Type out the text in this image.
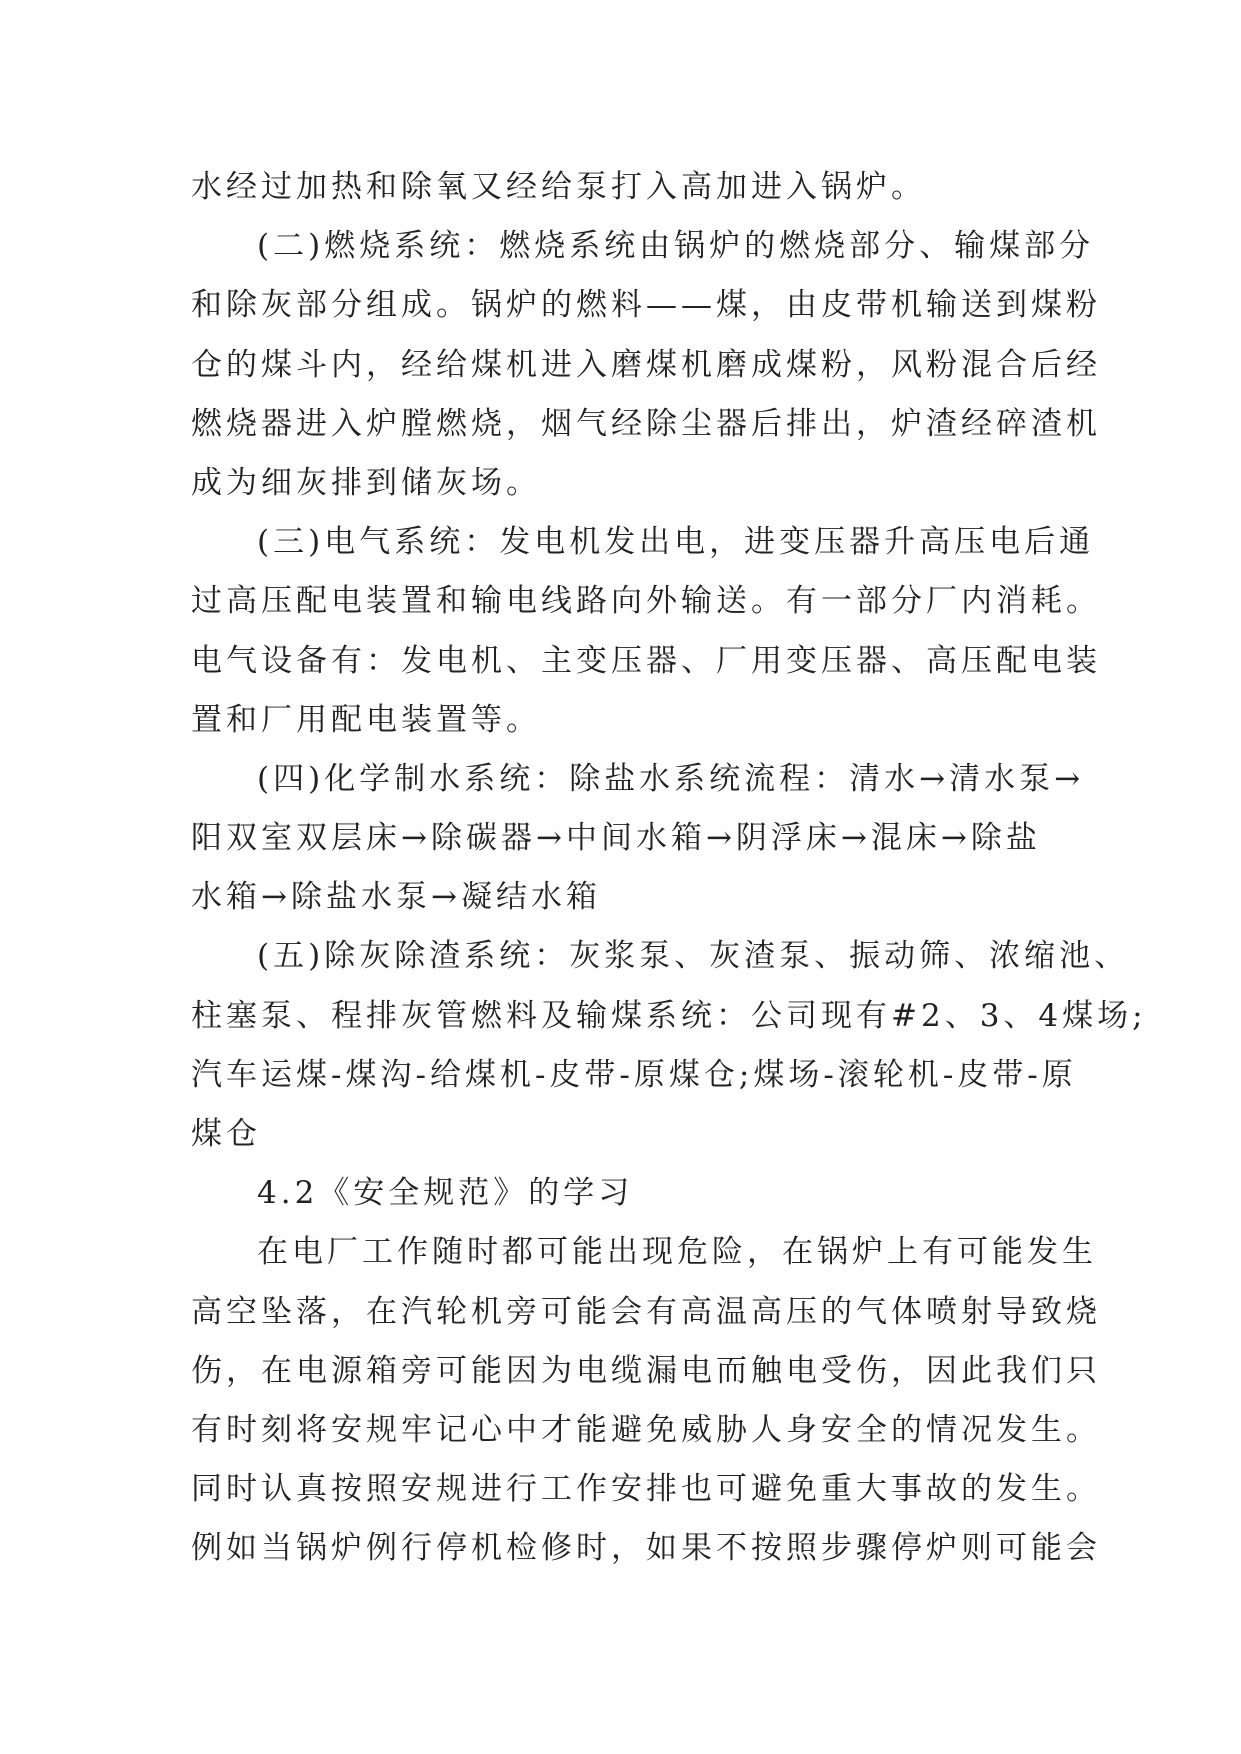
水经过加热和除氧又经给泵打入高加进入锅炉。
(二)燃烧系统：燃烧系统由锅炉的燃烧部分、输煤部分
和除灰部分组成。锅炉的燃料——煤，由皮带机输送到煤粉
仓的煤斗内，经给煤机进入磨煤机磨成煤粉，风粉混合后经
燃烧器进入炉膛燃烧，烟气经除尘器后排出，炉渣经碎渣机
成为细灰排到储灰场。
(三)电气系统：发电机发出电，进变压器升高压电后通
过高压配电装置和输电线路向外输送。有一部分厂内消耗。
电气设备有：发电机、主变压器、厂用变压器、高压配电装
置和厂用配电装置等。
(四)化学制水系统：除盐水系统流程：清水→清水泵→
阳双室双层床→除碳器→中间水箱→阴浮床→混床→除盐
水箱→除盐水泵→凝结水箱
(五)除灰除渣系统：灰浆泵、灰渣泵、振动筛、浓缩池、
柱塞泵、程排灰管燃料及输煤系统：公司现有#2、3、4煤场;
汽车运煤-煤沟-给煤机-皮带-原煤仓;煤场-滚轮机-皮带-原
煤仓
4.2《安全规范》的学习
在电厂工作随时都可能出现危险，在锅炉上有可能发生
高空坠落，在汽轮机旁可能会有高温高压的气体喷射导致烧
伤，在电源箱旁可能因为电缆漏电而触电受伤，因此我们只
有时刻将安规牢记心中才能避免威胁人身安全的情况发生。
同时认真按照安规进行工作安排也可避免重大事故的发生。
例如当锅炉例行停机检修时，如果不按照步骤停炉则可能会
